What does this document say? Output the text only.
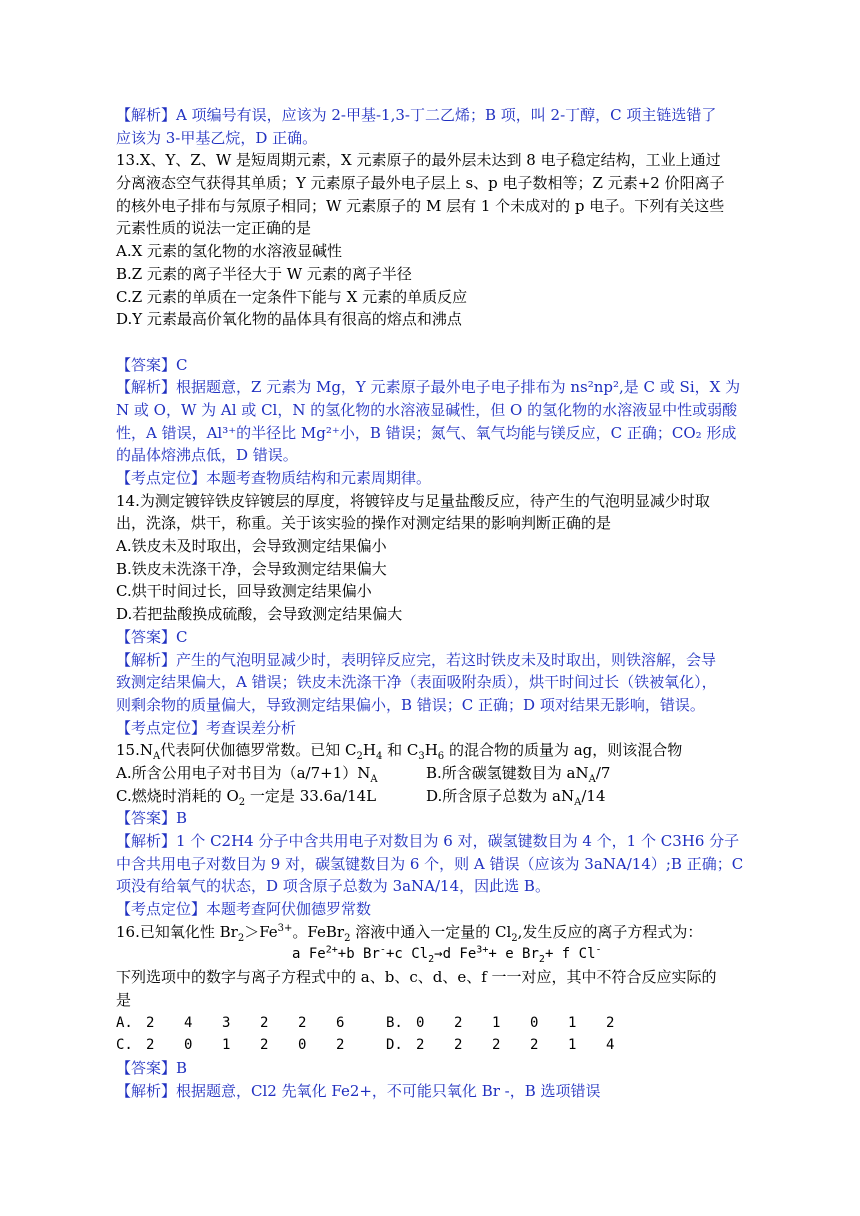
【解析】A 项编号有误，应该为 2-甲基-1,3-丁二乙烯；B 项，叫 2-丁醇，C 项主链选错了
应该为 3-甲基乙烷，D 正确。
13.X、Y、Z、W 是短周期元素，X 元素原子的最外层未达到 8 电子稳定结构，工业上通过
分离液态空气获得其单质；Y 元素原子最外电子层上 s、p 电子数相等；Z 元素+2 价阳离子
的核外电子排布与氖原子相同；W 元素原子的 M 层有 1 个未成对的 p 电子。下列有关这些
元素性质的说法一定正确的是
A.X 元素的氢化物的水溶液显碱性
B.Z 元素的离子半径大于 W 元素的离子半径
C.Z 元素的单质在一定条件下能与 X 元素的单质反应
D.Y 元素最高价氧化物的晶体具有很高的熔点和沸点
【答案】C
【解析】根据题意，Z 元素为 Mg，Y 元素原子最外电子电子排布为 ns²np²,是 C 或 Si，X 为
N 或 O，W 为 Al 或 Cl，N 的氢化物的水溶液显碱性，但 O 的氢化物的水溶液显中性或弱酸
性，A 错误，Al³⁺的半径比 Mg²⁺小，B 错误；氮气、氧气均能与镁反应，C 正确；CO₂ 形成
的晶体熔沸点低，D 错误。
【考点定位】本题考查物质结构和元素周期律。
14.为测定镀锌铁皮锌镀层的厚度，将镀锌皮与足量盐酸反应，待产生的气泡明显减少时取
出，洗涤，烘干，称重。关于该实验的操作对测定结果的影响判断正确的是
A.铁皮未及时取出，会导致测定结果偏小
B.铁皮未洗涤干净，会导致测定结果偏大
C.烘干时间过长，回导致测定结果偏小
D.若把盐酸换成硫酸，会导致测定结果偏大
【答案】C
【解析】产生的气泡明显减少时，表明锌反应完，若这时铁皮未及时取出，则铁溶解，会导
致测定结果偏大，A 错误；铁皮未洗涤干净（表面吸附杂质），烘干时间过长（铁被氧化），
则剩余物的质量偏大，导致测定结果偏小，B 错误；C 正确；D 项对结果无影响，错误。
【考点定位】考查误差分析
$15.N_A$代表阿伏伽德罗常数。已知 $C_2H_4$ 和 $C_3H_6$ 的混合物的质量为 ag，则该混合物
A.所含公用电子对书目为$(a/7+1)N_A$	B.所含碳氢键数目为 $aN_A/7$
C.燃烧时消耗的 $O_2$ 一定是 33.6a/14L	D.所含原子总数为 $aN_A/14$
【答案】B
【解析】1 个 C2H4 分子中含共用电子对数目为 6 对，碳氢键数目为 4 个，1 个 C3H6 分子
中含共用电子对数目为 9 对，碳氢键数目为 6 个，则 A 错误（应该为 3aNA/14）;B 正确；C
项没有给氧气的状态，D 项含原子总数为 3aNA/14，因此选 B。
【考点定位】本题考查阿伏伽德罗常数
16.已知氧化性 $Br_2>Fe^{3+}$。FeBr$_2$ 溶液中通入一定量的 $Cl_2$,发生反应的离子方程式为：
a $Fe^{2+}+b$ Br-+c $Cl_2\to d$ $Fe^{3+}+ e$ $Br_2+ f$ Cl-
下列选项中的数字与离子方程式中的 a、b、c、d、e、f 一一对应，其中不符合反应实际的
是
A. 2	4	3	2	2	6	B. 0	2	1	0	1	2
C. 2	0	1	2	0	2	D. 2	2	2	2	1	4
【答案】B
【解析】根据题意，Cl2 先氧化 Fe2+，不可能只氧化 Br -，B 选项错误
